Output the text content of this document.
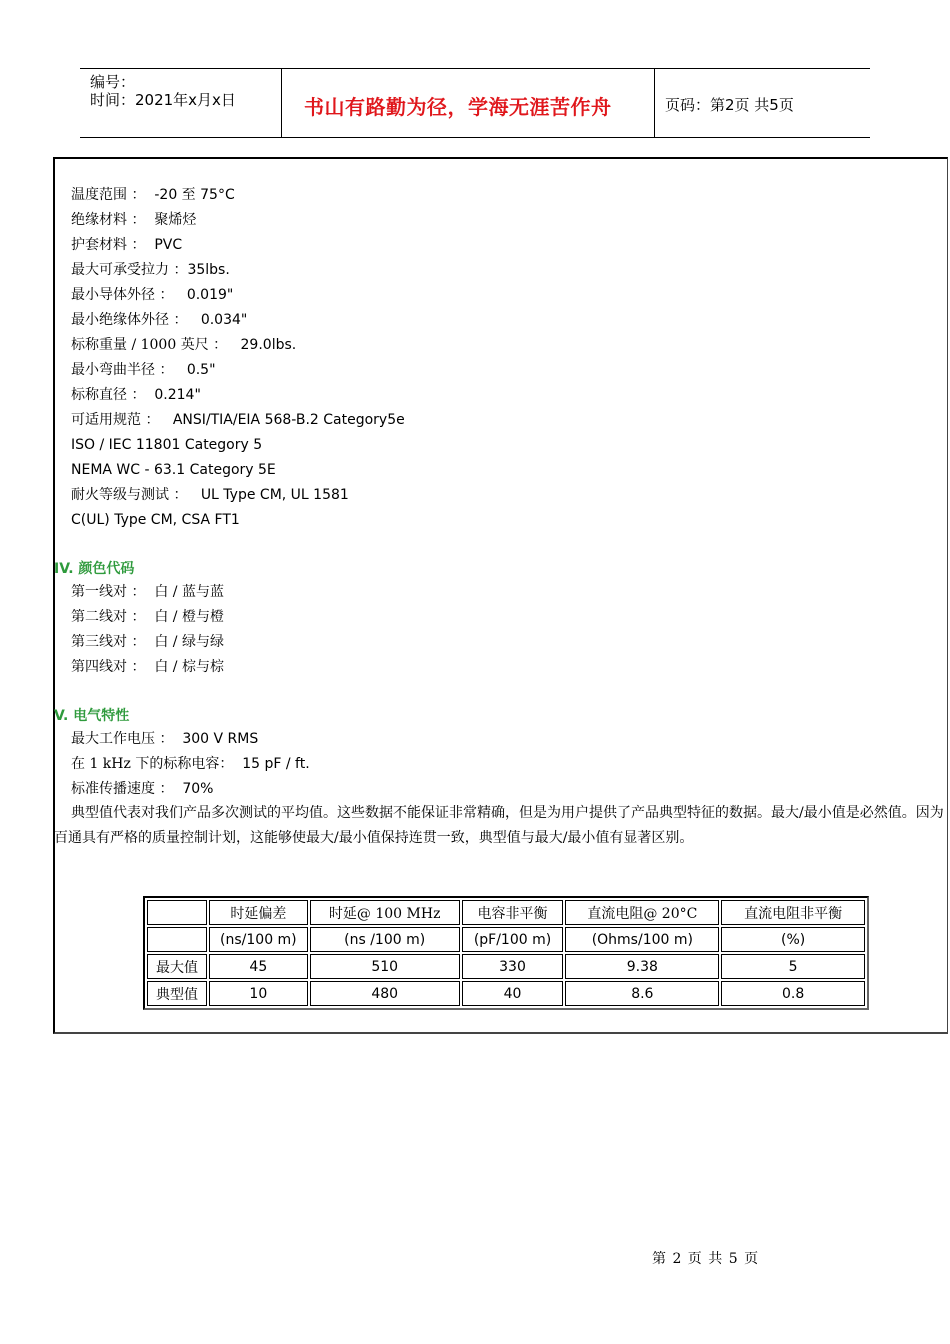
编号：
时间：2021年x月x日	书山有路勤为径，学海无涯苦作舟	页码：第2页 共5页
温度范围 ： -20 至 75°C
绝缘材料 ： 聚烯烃
护套材料 ： PVC
最大可承受拉力 ：35lbs.
最小导体外径 ： 0.019"
最小绝缘体外径 ： 0.034"
标称重量 / 1000 英尺 ： 29.0lbs.
最小弯曲半径 ： 0.5"
标称直径 ： 0.214"
可适用规范 ： ANSI/TIA/EIA 568-B.2 Category5e
ISO / IEC 11801 Category 5
NEMA WC - 63.1 Category 5E
耐火等级与测试 ： UL Type CM, UL 1581
C(UL) Type CM, CSA FT1
IV. 颜色代码
第一线对 ： 白 / 蓝与蓝
第二线对 ： 白 / 橙与橙
第三线对 ： 白 / 绿与绿
第四线对 ： 白 / 棕与棕
V. 电气特性
最大工作电压 ： 300 V RMS
在 1 kHz 下的标称电容： 15 pF / ft.
标准传播速度 ： 70%

典型值代表对我们产品多次测试的平均值。这些数据不能保证非常精确，但是为用户提供了产品典型特征的数据。最大/最小值是必然值。因为百通具有严格的质量控制计划，这能够使最大/最小值保持连贯一致，典型值与最大/最小值有显著区别。

	时延偏差	时延@ 100 MHz	电容非平衡	直流电阻@ 20°C	直流电阻非平衡
	(ns/100 m)	(ns /100 m)	(pF/100 m)	(Ohms/100 m)	(%)
最大值	45	510	330	9.38	5
典型值	10	480	40	8.6	0.8
第 2 页 共 5 页
